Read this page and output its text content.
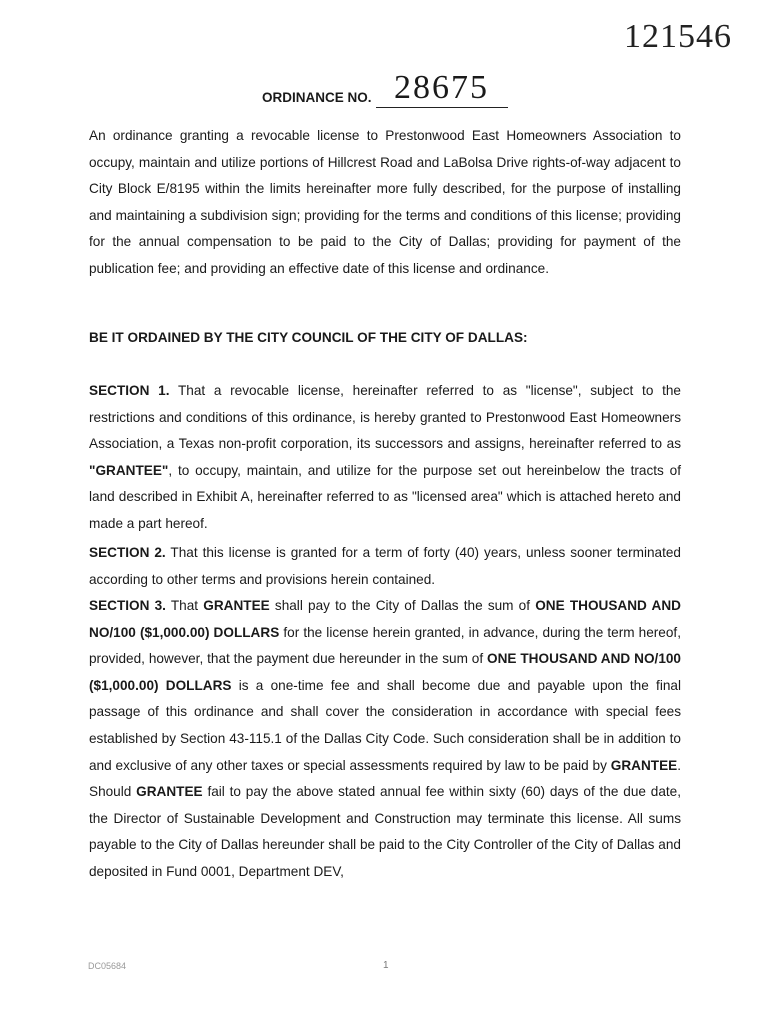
121546
ORDINANCE NO. 28675
An ordinance granting a revocable license to Prestonwood East Homeowners Association to occupy, maintain and utilize portions of Hillcrest Road and LaBolsa Drive rights-of-way adjacent to City Block E/8195 within the limits hereinafter more fully described, for the purpose of installing and maintaining a subdivision sign; providing for the terms and conditions of this license; providing for the annual compensation to be paid to the City of Dallas; providing for payment of the publication fee; and providing an effective date of this license and ordinance.
BE IT ORDAINED BY THE CITY COUNCIL OF THE CITY OF DALLAS:
SECTION 1. That a revocable license, hereinafter referred to as "license", subject to the restrictions and conditions of this ordinance, is hereby granted to Prestonwood East Homeowners Association, a Texas non-profit corporation, its successors and assigns, hereinafter referred to as "GRANTEE", to occupy, maintain, and utilize for the purpose set out hereinbelow the tracts of land described in Exhibit A, hereinafter referred to as "licensed area" which is attached hereto and made a part hereof.
SECTION 2. That this license is granted for a term of forty (40) years, unless sooner terminated according to other terms and provisions herein contained.
SECTION 3. That GRANTEE shall pay to the City of Dallas the sum of ONE THOUSAND AND NO/100 ($1,000.00) DOLLARS for the license herein granted, in advance, during the term hereof, provided, however, that the payment due hereunder in the sum of ONE THOUSAND AND NO/100 ($1,000.00) DOLLARS is a one-time fee and shall become due and payable upon the final passage of this ordinance and shall cover the consideration in accordance with special fees established by Section 43-115.1 of the Dallas City Code. Such consideration shall be in addition to and exclusive of any other taxes or special assessments required by law to be paid by GRANTEE. Should GRANTEE fail to pay the above stated annual fee within sixty (60) days of the due date, the Director of Sustainable Development and Construction may terminate this license. All sums payable to the City of Dallas hereunder shall be paid to the City Controller of the City of Dallas and deposited in Fund 0001, Department DEV,
DC05684	1
